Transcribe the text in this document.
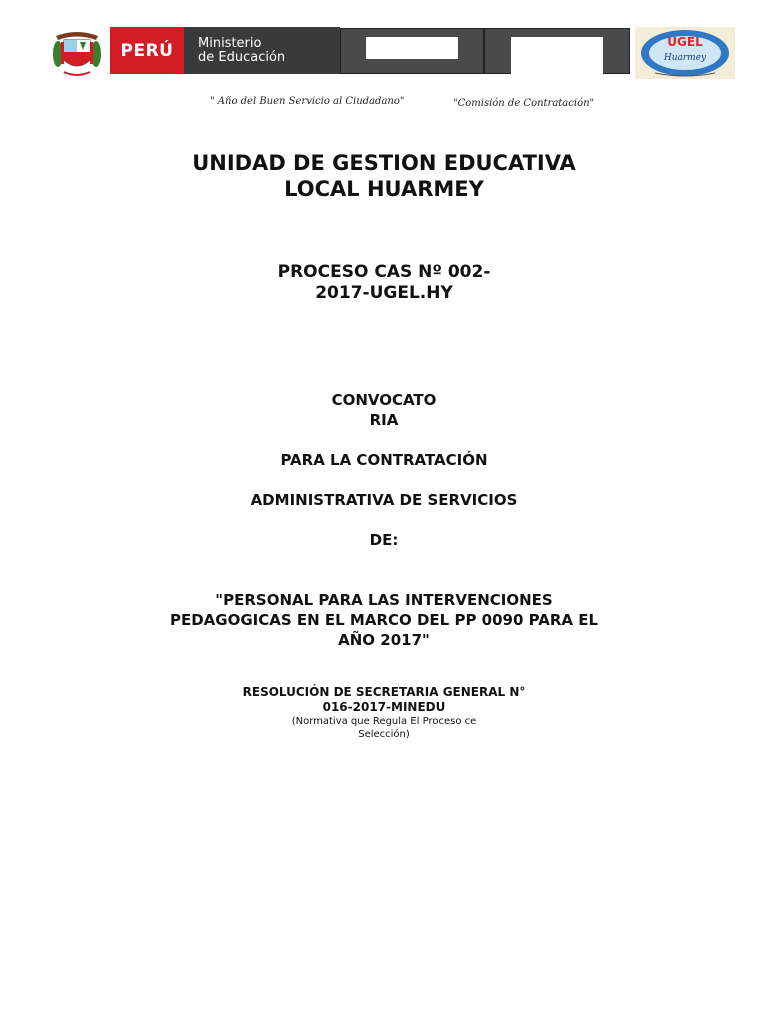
PERÚ	Ministerio
de Educación
UGEL
Huarmey
" Año del Buen Servicio al Ciudadano"	"Comisión de Contratación"
UNIDAD DE GESTION EDUCATIVA
LOCAL HUARMEY
PROCESO CAS Nº 002-
2017-UGEL.HY
CONVOCATO
RIA
PARA LA CONTRATACIÓN
ADMINISTRATIVA DE SERVICIOS
DE:
"PERSONAL PARA LAS INTERVENCIONES
PEDAGOGICAS EN EL MARCO DEL PP 0090 PARA EL
AÑO 2017"
RESOLUCIÓN DE SECRETARIA GENERAL N°
016-2017-MINEDU
(Normativa que Regula El Proceso ce
Selección)
